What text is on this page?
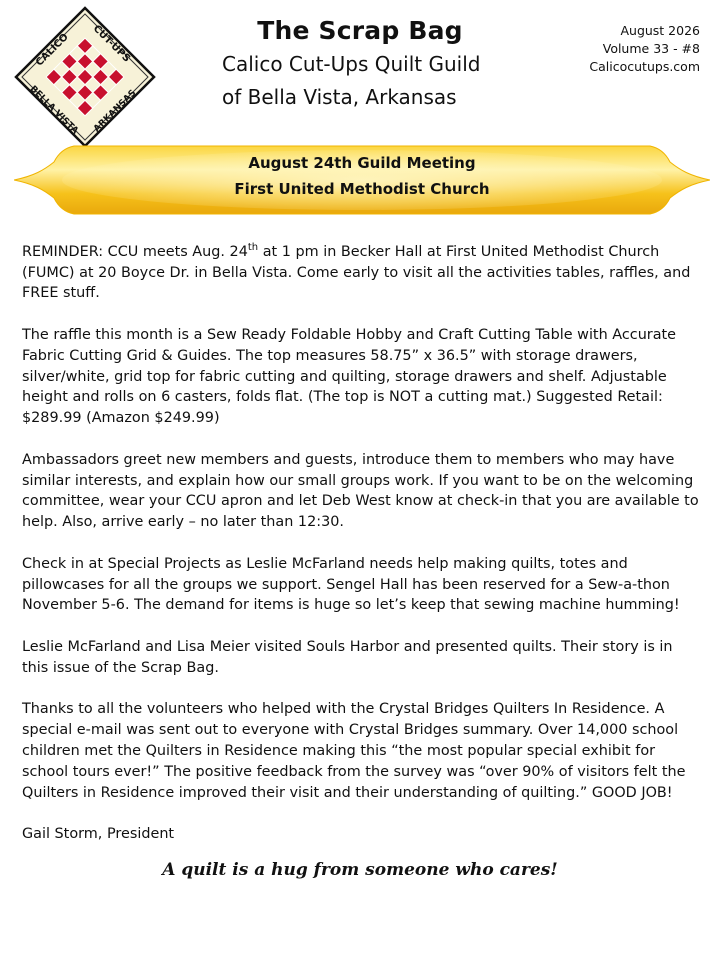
CALICO
CUT-UPS
BELLA VISTA ARKANSAS
The Scrap Bag
Calico Cut-Ups Quilt Guild
of Bella Vista, Arkansas
August 2026
Volume 33 - #8
Calicocutups.com
August 24th Guild Meeting
First United Methodist Church

REMINDER: CCU meets Aug. 24th at 1 pm in Becker Hall at First United Methodist Church (FUMC) at 20 Boyce Dr. in Bella Vista. Come early to visit all the activities tables, raffles, and FREE stuff.

The raffle this month is a Sew Ready Foldable Hobby and Craft Cutting Table with Accurate Fabric Cutting Grid & Guides. The top measures 58.75” x 36.5” with storage drawers, silver/white, grid top for fabric cutting and quilting, storage drawers and shelf. Adjustable height and rolls on 6 casters, folds flat. (The top is NOT a cutting mat.) Suggested Retail: $289.99 (Amazon $249.99)

Ambassadors greet new members and guests, introduce them to members who may have similar interests, and explain how our small groups work. If you want to be on the welcoming committee, wear your CCU apron and let Deb West know at check-in that you are available to help. Also, arrive early – no later than 12:30.

Check in at Special Projects as Leslie McFarland needs help making quilts, totes and pillowcases for all the groups we support. Sengel Hall has been reserved for a Sew-a-thon November 5-6. The demand for items is huge so let’s keep that sewing machine humming!

Leslie McFarland and Lisa Meier visited Souls Harbor and presented quilts. Their story is in this issue of the Scrap Bag.

Thanks to all the volunteers who helped with the Crystal Bridges Quilters In Residence. A special e-mail was sent out to everyone with Crystal Bridges summary. Over 14,000 school children met the Quilters in Residence making this “the most popular special exhibit for school tours ever!” The positive feedback from the survey was “over 90% of visitors felt the Quilters in Residence improved their visit and their understanding of quilting.” GOOD JOB!

Gail Storm, President

A quilt is a hug from someone who cares!
